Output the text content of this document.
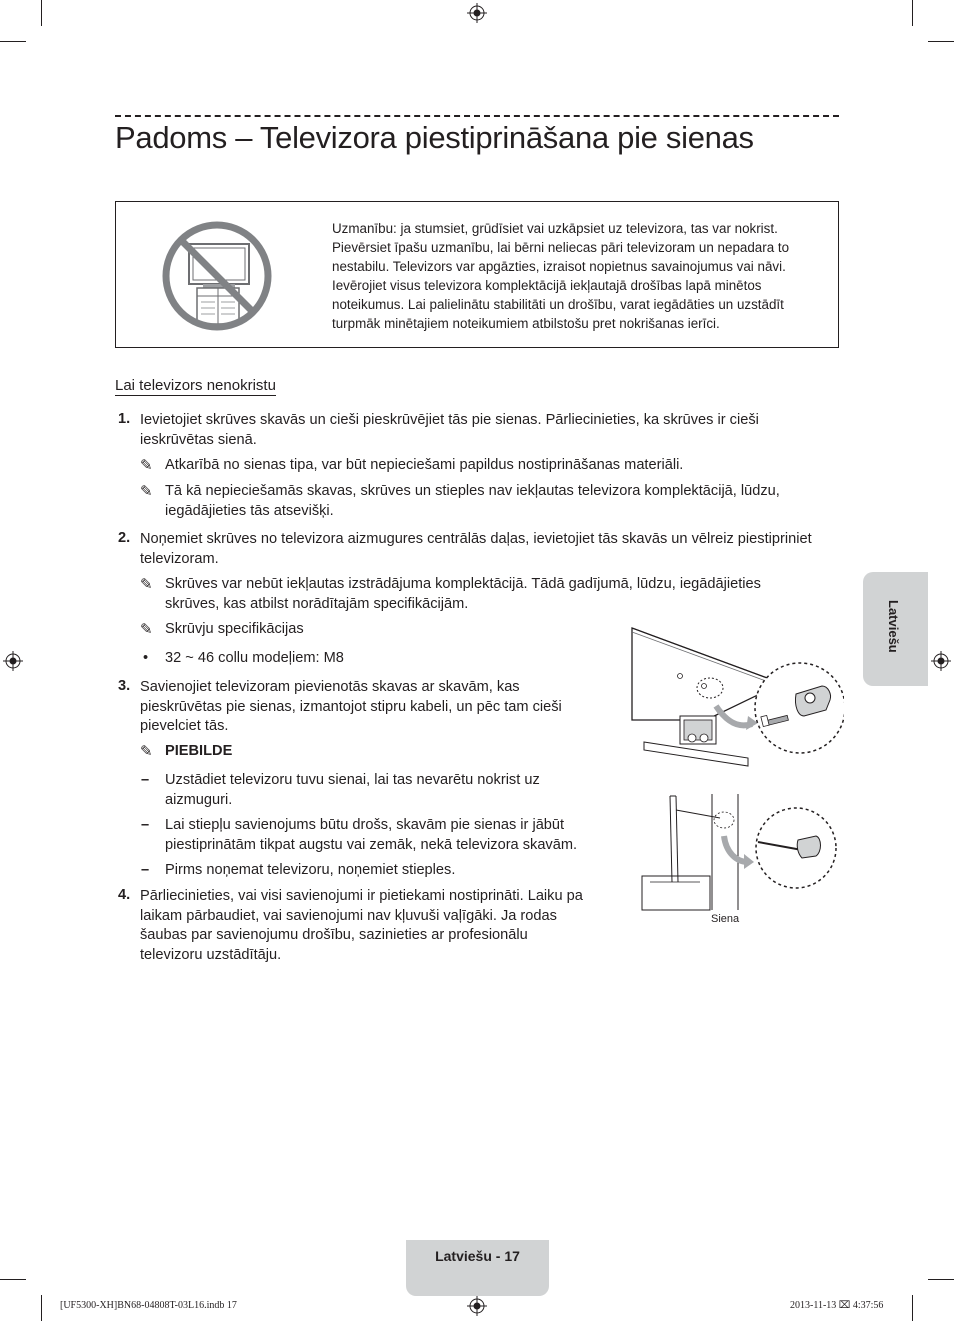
Padoms – Televizora piestiprināšana pie sienas
Uzmanību: ja stumsiet, grūdīsiet vai uzkāpsiet uz televizora, tas var nokrist. Pievērsiet īpašu uzmanību, lai bērni neliecas pāri televizoram un nepadara to nestabilu. Televizors var apgāzties, izraisot nopietnus savainojumus vai nāvi. Ievērojiet visus televizora komplektācijā iekļautajā drošības lapā minētos noteikumus. Lai palielinātu stabilitāti un drošību, varat iegādāties un uzstādīt turpmāk minētajiem noteikumiem atbilstošu pret nokrišanas ierīci.
Lai televizors nenokristu
1. Ievietojiet skrūves skavās un cieši pieskrūvējiet tās pie sienas. Pārliecinieties, ka skrūves ir cieši ieskrūvētas sienā.
✎ Atkarībā no sienas tipa, var būt nepieciešami papildus nostiprināšanas materiāli.
✎ Tā kā nepieciešamās skavas, skrūves un stieples nav iekļautas televizora komplektācijā, lūdzu, iegādājieties tās atsevišķi.
2. Noņemiet skrūves no televizora aizmugures centrālās daļas, ievietojiet tās skavās un vēlreiz piestipriniet televizoram.
✎ Skrūves var nebūt iekļautas izstrādājuma komplektācijā. Tādā gadījumā, lūdzu, iegādājieties skrūves, kas atbilst norādītajām specifikācijām.
✎ Skrūvju specifikācijas
• 32 ~ 46 collu modeļiem: M8
3. Savienojiet televizoram pievienotās skavas ar skavām, kas pieskrūvētas pie sienas, izmantojot stipru kabeli, un pēc tam cieši pievelciet tās.
✎ PIEBILDE
– Uzstādiet televizoru tuvu sienai, lai tas nevarētu nokrist uz aizmuguri.
– Lai stiepļu savienojums būtu drošs, skavām pie sienas ir jābūt piestiprinātām tikpat augstu vai zemāk, nekā televizora skavām.
– Pirms noņemat televizoru, noņemiet stieples.
4. Pārliecinieties, vai visi savienojumi ir pietiekami nostiprināti. Laiku pa laikam pārbaudiet, vai savienojumi nav kļuvuši vaļīgāki. Ja rodas šaubas par savienojumu drošību, sazinieties ar profesionālu televizoru uzstādītāju.
Siena
Latviešu
Latviešu - 17
[UF5300-XH]BN68-04808T-03L16.indb 17	2013-11-13 ⌧ 4:37:56
